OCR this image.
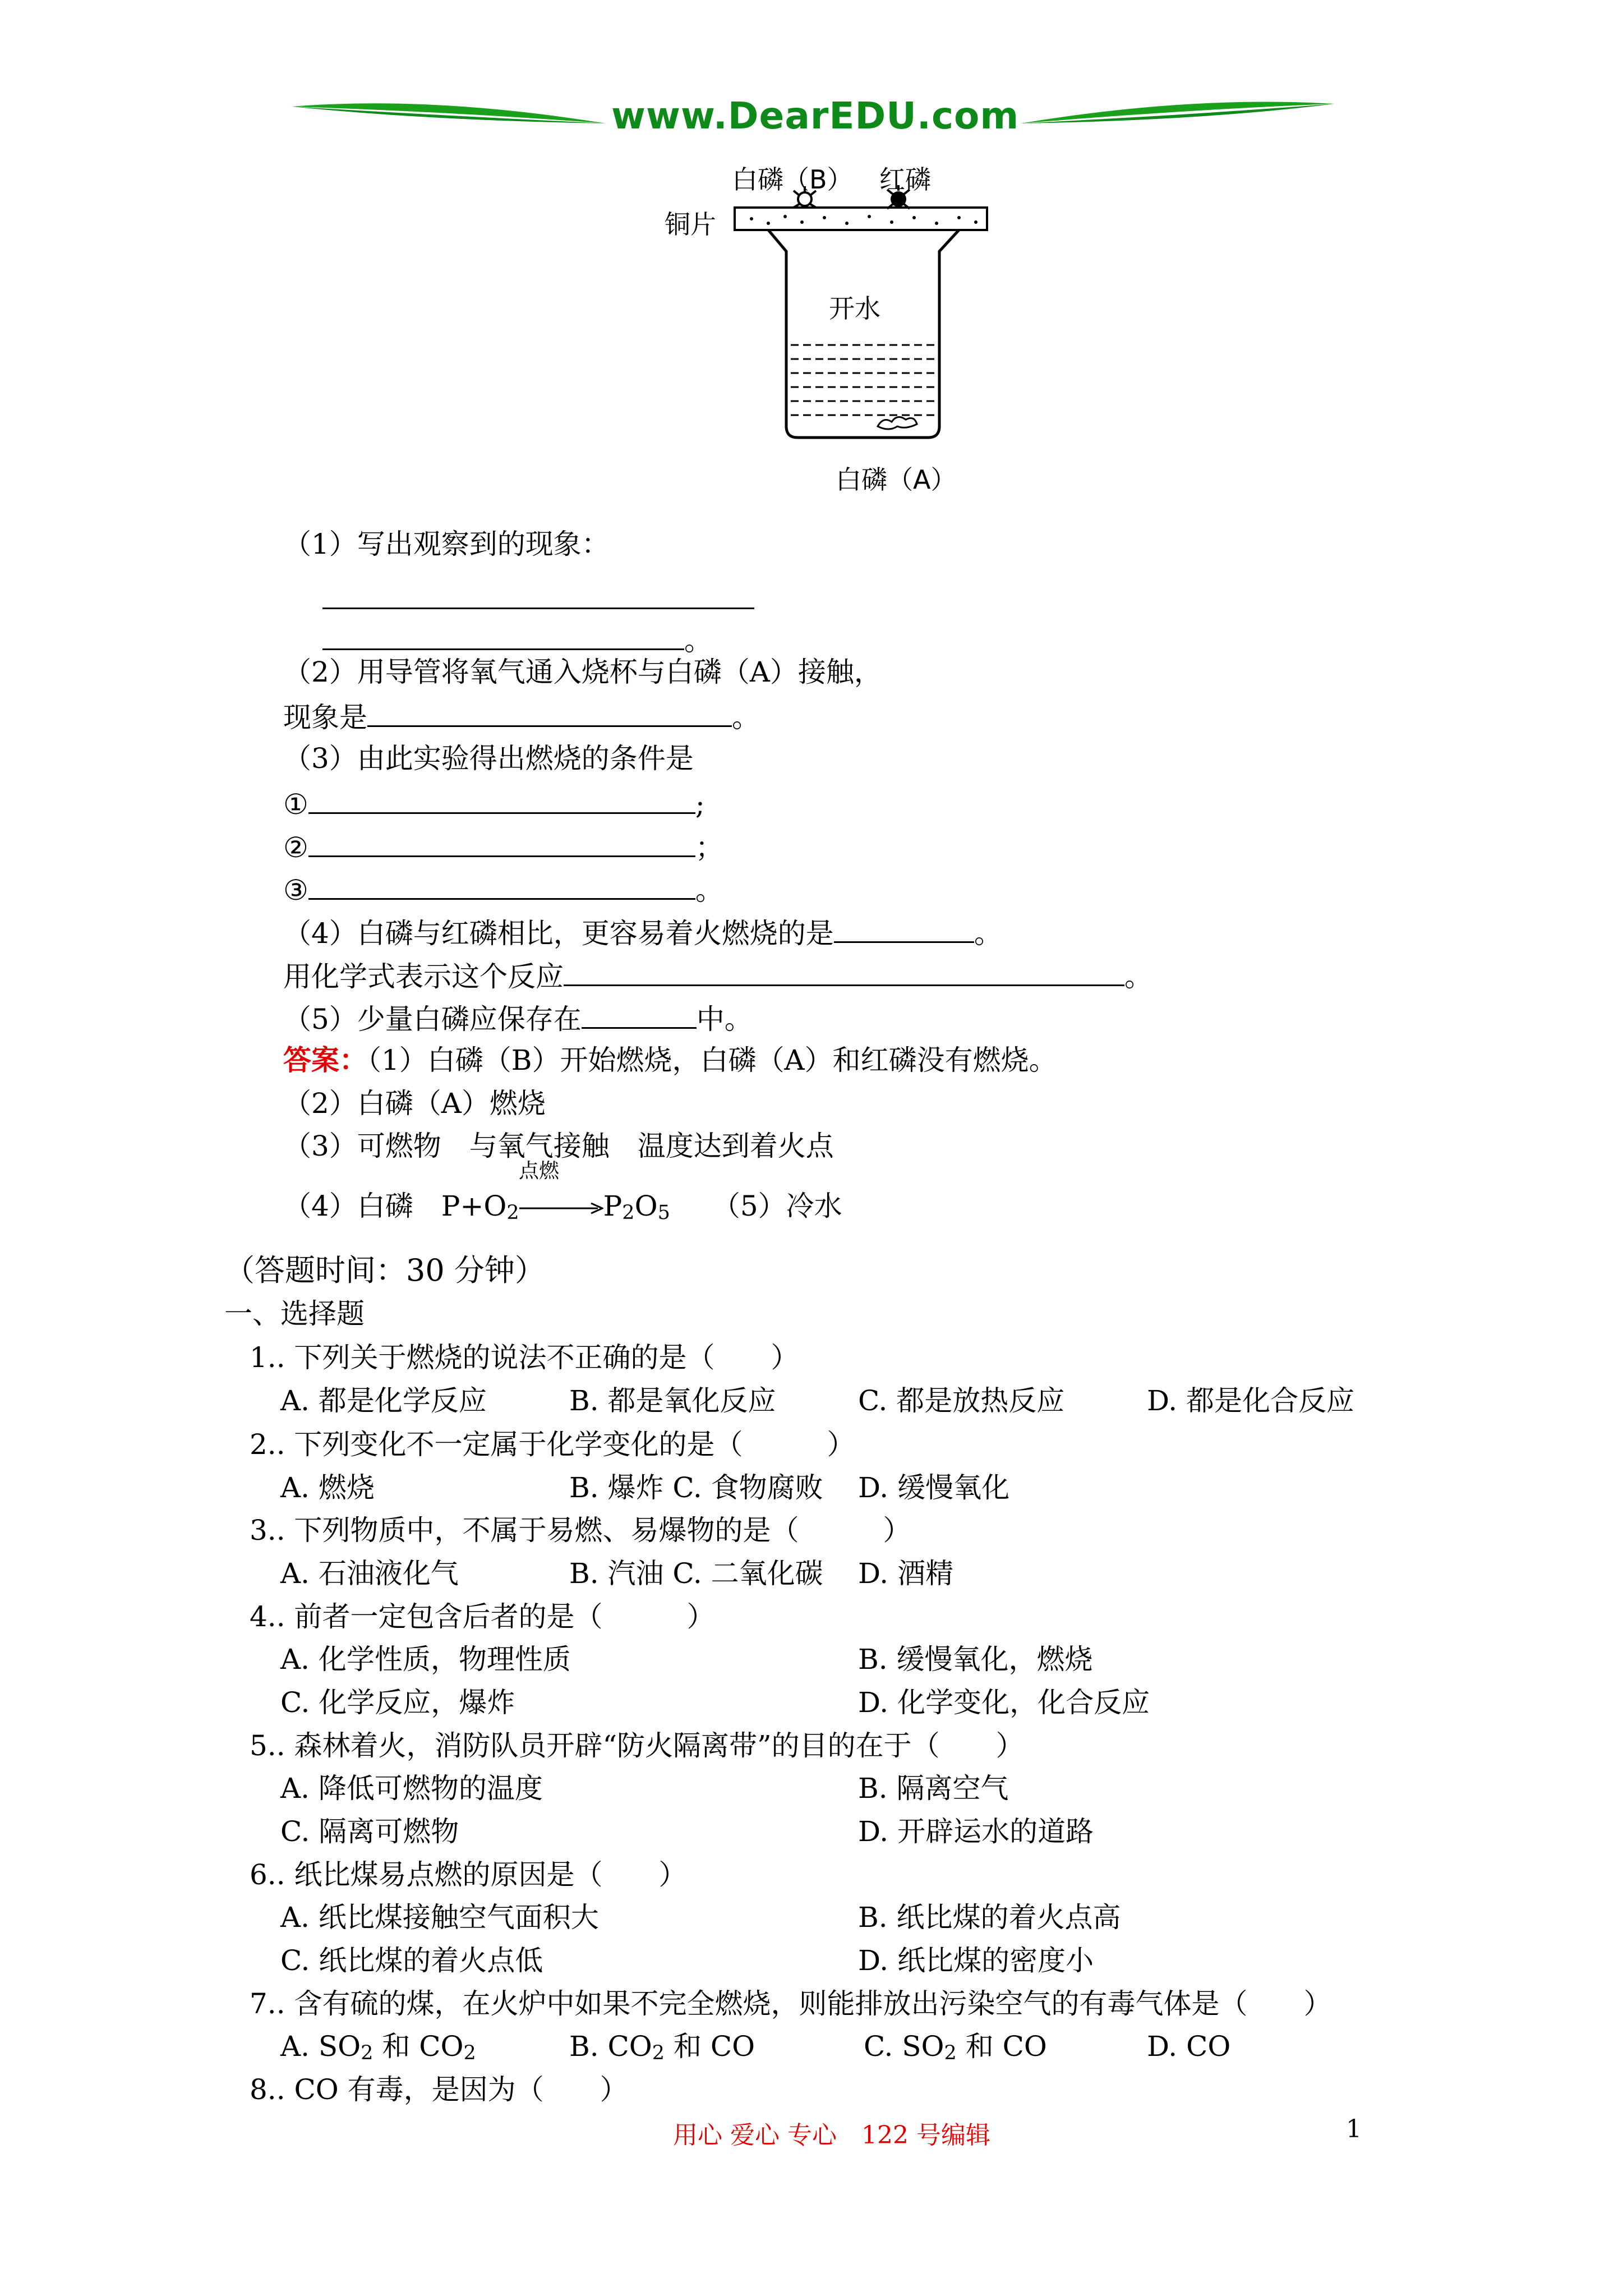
www.DearEDU.com
白磷（B） 红磷
铜片
开水
白磷（A）
（1）写出观察到的现象：
。
（2）用导管将氧气通入烧杯与白磷（A）接触，
现象是	。
（3）由此实验得出燃烧的条件是
①	;
②	；
③	。
（4）白磷与红磷相比，更容易着火燃烧的是	。
用化学式表示这个反应	。
（5）少量白磷应保存在	中。
答案：（1）白磷（B）开始燃烧，白磷（A）和红磷没有燃烧。
（2）白磷（A）燃烧
（3）可燃物　与氧气接触　温度达到着火点
点燃
（4）白磷　$P+O_2\to P_2O_5$　　 （5）冷水
（答题时间：30 分钟）
一、选择题
1.. 下列关于燃烧的说法不正确的是（　　）
A. 都是化学反应	B. 都是氧化反应	C. 都是放热反应	D. 都是化合反应
2.. 下列变化不一定属于化学变化的是（　　　）
A. 燃烧	B. 爆炸 C. 食物腐败 D. 缓慢氧化
3.. 下列物质中，不属于易燃、易爆物的是（　　　）
A. 石油液化气	B. 汽油 C. 二氧化碳 D. 酒精
4.. 前者一定包含后者的是（　　　）
A. 化学性质，物理性质	B. 缓慢氧化，燃烧
C. 化学反应，爆炸	D. 化学变化，化合反应
5.. 森林着火，消防队员开辟“防火隔离带”的目的在于（　　）
A. 降低可燃物的温度	B. 隔离空气
C. 隔离可燃物	D. 开辟运水的道路
6.. 纸比煤易点燃的原因是（　　）
A. 纸比煤接触空气面积大	B. 纸比煤的着火点高
C. 纸比煤的着火点低	D. 纸比煤的密度小
7.. 含有硫的煤，在火炉中如果不完全燃烧，则能排放出污染空气的有毒气体是（　　）
A. $SO_2$ 和 $CO_2$	B. $CO_2$ 和 CO	C. $SO_2$ 和 CO	D. CO
8.. CO 有毒，是因为（　　）
用心 爱心 专心　122 号编辑	1
